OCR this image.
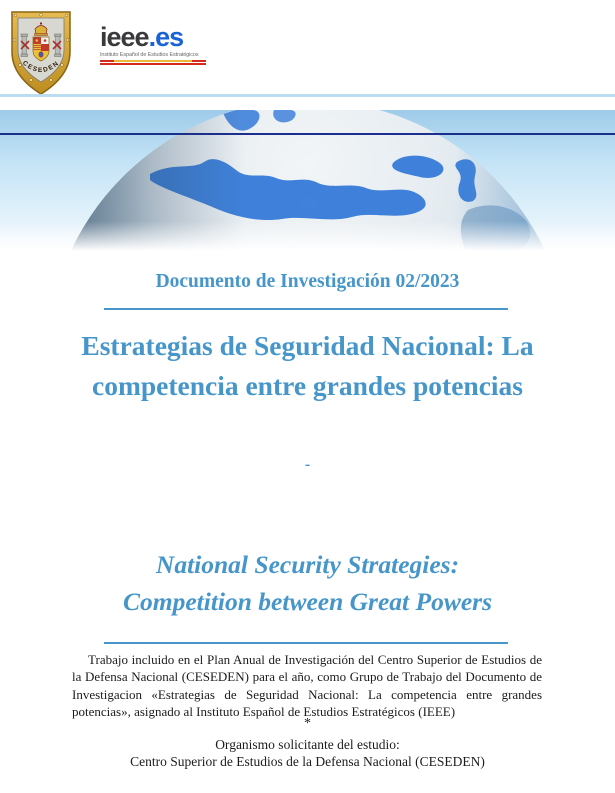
CESEDEN
ieee.es
Instituto Español de Estudios Estratégicos
Documento de Investigación 02/2023
Estrategias de Seguridad Nacional: La
competencia entre grandes potencias
-
National Security Strategies:
Competition between Great Powers
Trabajo incluido en el Plan Anual de Investigación del Centro Superior de Estudios de la Defensa Nacional (CESEDEN) para el año, como Grupo de Trabajo del Documento de Investigacion «Estrategias de Seguridad Nacional: La competencia entre grandes potencias», asignado al Instituto Español de Estudios Estratégicos (IEEE)
*
Organismo solicitante del estudio:
Centro Superior de Estudios de la Defensa Nacional (CESEDEN)
